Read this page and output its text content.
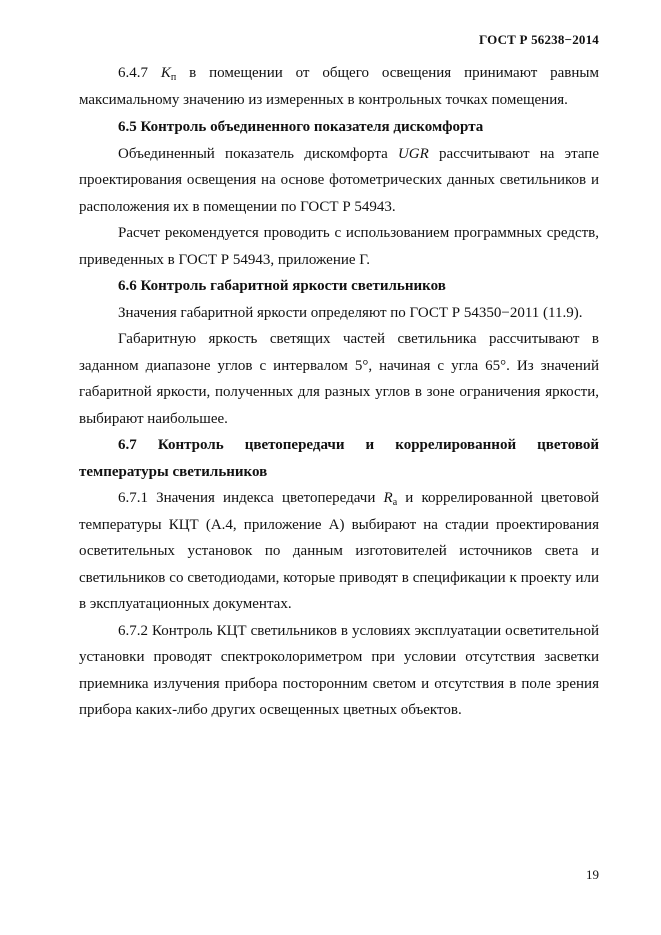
ГОСТ Р 56238−2014

6.4.7 $K_п$ в помещении от общего освещения принимают равным максимальному значению из измеренных в контрольных точках помещения.

6.5 Контроль объединенного показателя дискомфорта

Объединенный показатель дискомфорта UGR рассчитывают на этапе проектирования освещения на основе фотометрических данных светильников и расположения их в помещении по ГОСТ Р 54943.

Расчет рекомендуется проводить с использованием программных средств, приведенных в ГОСТ Р 54943, приложение Г.

6.6 Контроль габаритной яркости светильников

Значения габаритной яркости определяют по ГОСТ Р 54350−2011 (11.9).

Габаритную яркость светящих частей светильника рассчитывают в заданном диапазоне углов с интервалом 5°, начиная с угла 65°. Из значений габаритной яркости, полученных для разных углов в зоне ограничения яркости, выбирают наибольшее.

6.7 Контроль цветопередачи и коррелированной цветовой температуры светильников

6.7.1 Значения индекса цветопередачи $R_a$ и коррелированной цветовой температуры КЦТ (А.4, приложение А) выбирают на стадии проектирования осветительных установок по данным изготовителей источников света и светильников со светодиодами, которые приводят в спецификации к проекту или в эксплуатационных документах.

6.7.2 Контроль КЦТ светильников в условиях эксплуатации осветительной установки проводят спектроколориметром при условии отсутствия засветки приемника излучения прибора посторонним светом и отсутствия в поле зрения прибора каких-либо других освещенных цветных объектов.

19
